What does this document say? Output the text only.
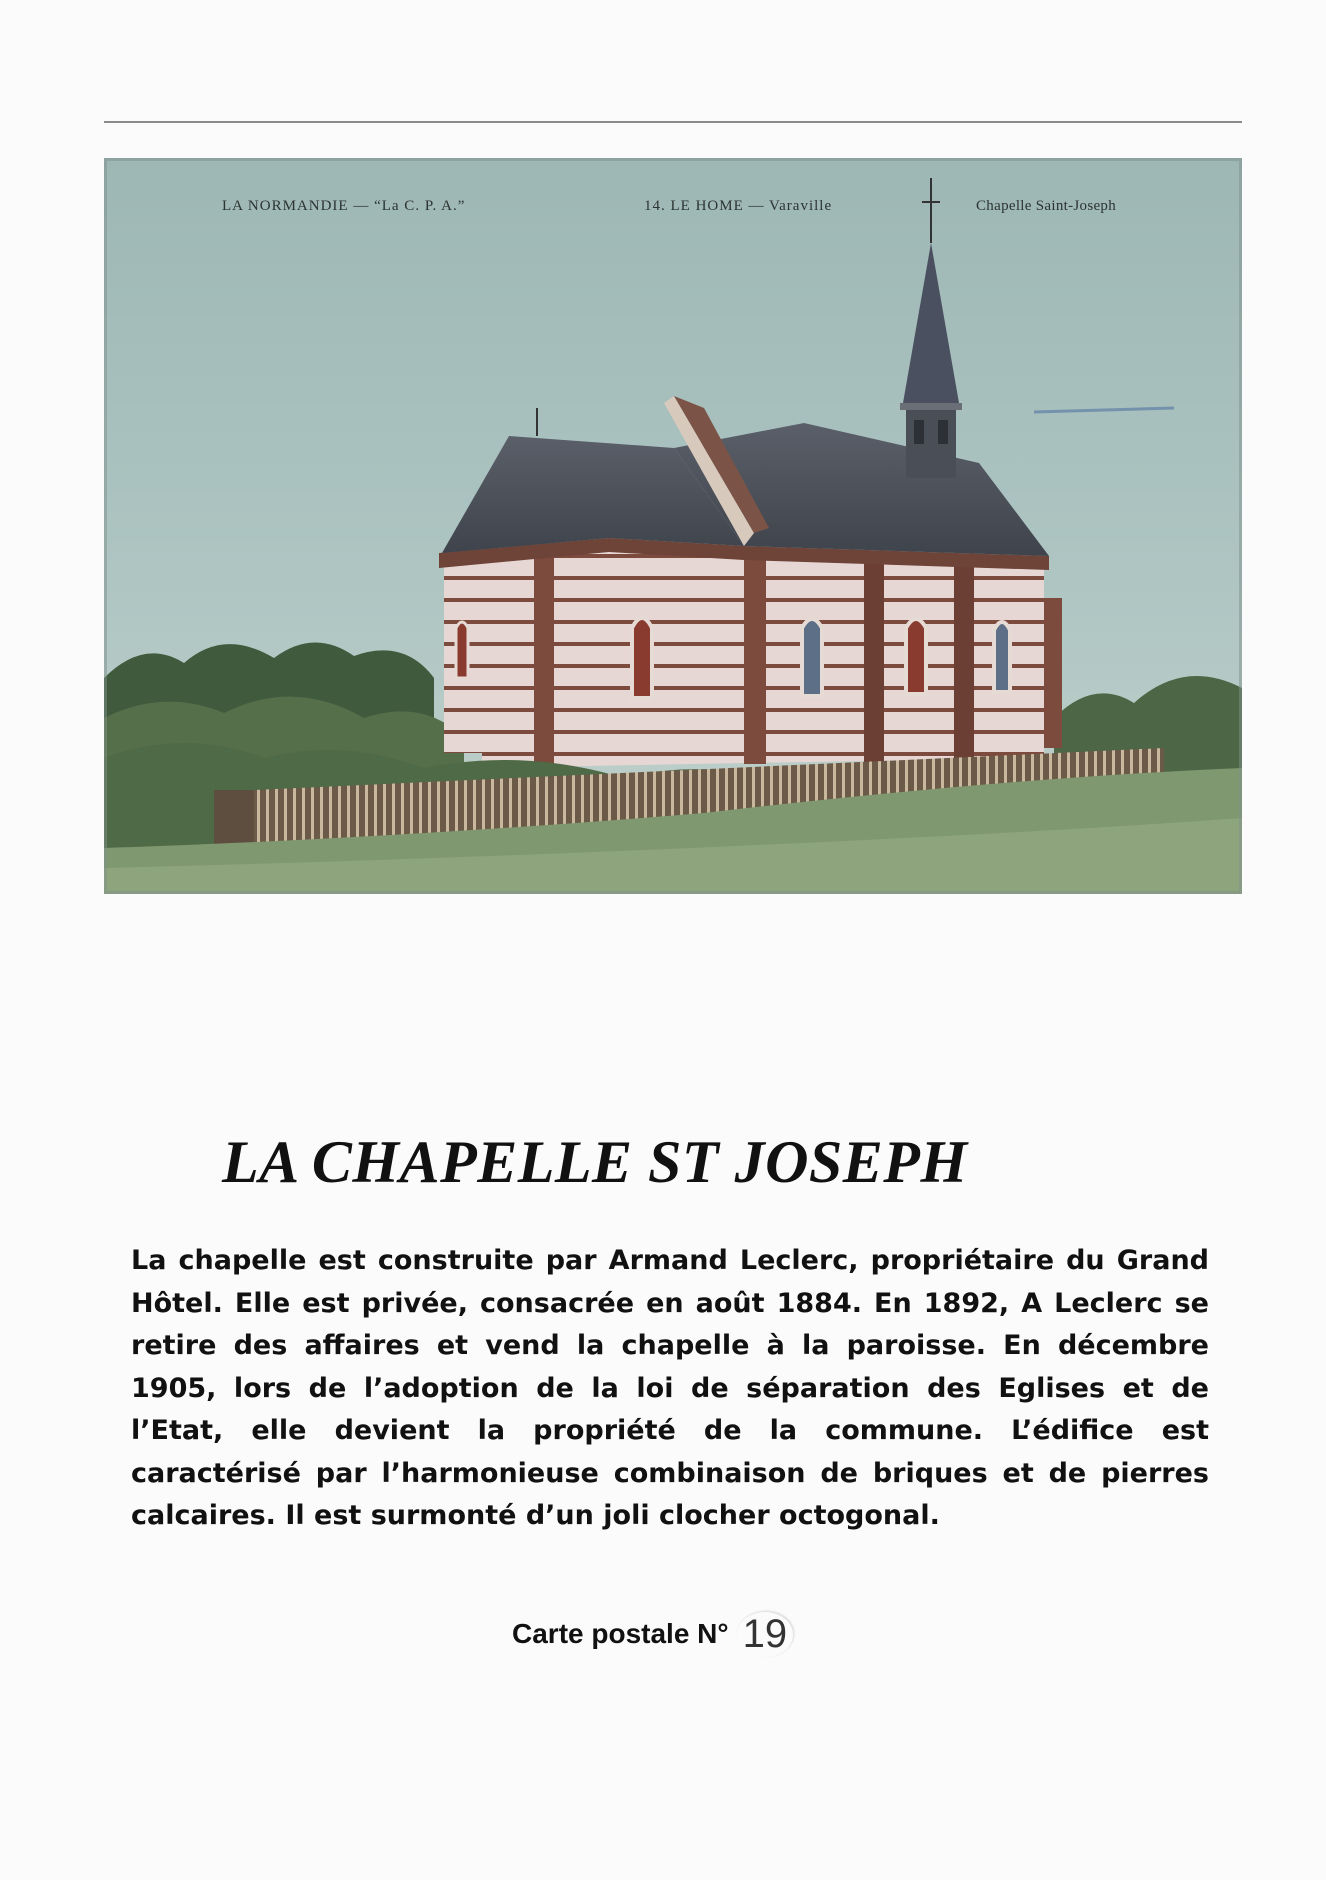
LA NORMANDIE — “La C. P. A.”	14. LE HOME — Varaville	Chapelle Saint-Joseph
LA CHAPELLE ST JOSEPH

La chapelle est construite par Armand Leclerc, propriétaire du Grand Hôtel. Elle est privée, consacrée en août 1884. En 1892, A Leclerc se retire des affaires et vend la chapelle à la paroisse. En décembre 1905, lors de l’adoption de la loi de séparation des Eglises et de l’Etat, elle devient la propriété de la commune. L’édifice est caractérisé par l’harmonieuse combinaison de briques et de pierres calcaires. Il est surmonté d’un joli clocher octogonal.

Carte postale N° 19
